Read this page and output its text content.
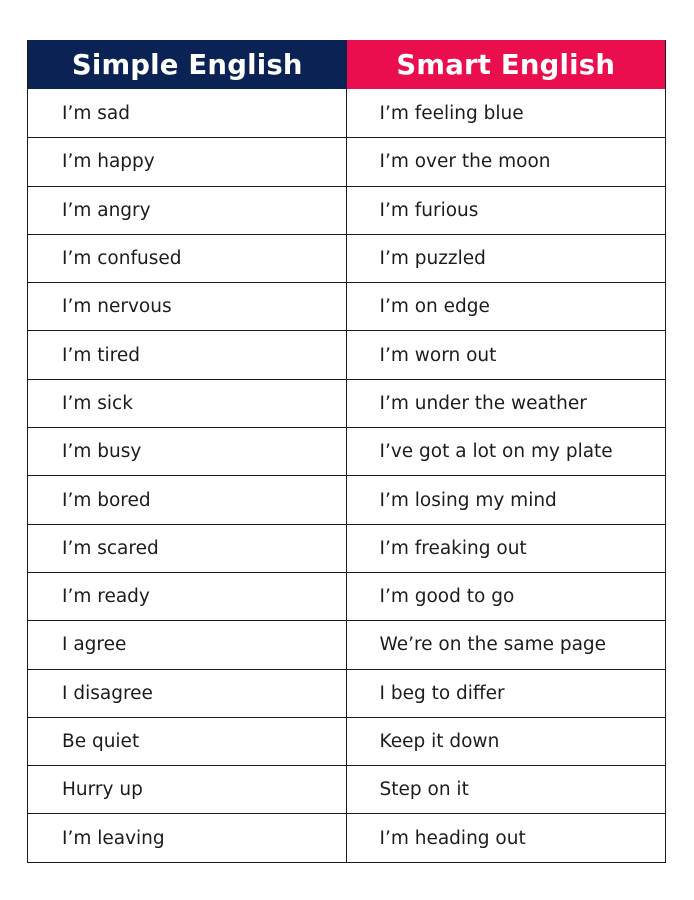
Simple English	Smart English
I’m sad	I’m feeling blue
I’m happy	I’m over the moon
I’m angry	I’m furious
I’m confused	I’m puzzled
I’m nervous	I’m on edge
I’m tired	I’m worn out
I’m sick	I’m under the weather
I’m busy	I’ve got a lot on my plate
I’m bored	I’m losing my mind
I’m scared	I’m freaking out
I’m ready	I’m good to go
I agree	We’re on the same page
I disagree	I beg to differ
Be quiet	Keep it down
Hurry up	Step on it
I’m leaving	I’m heading out
